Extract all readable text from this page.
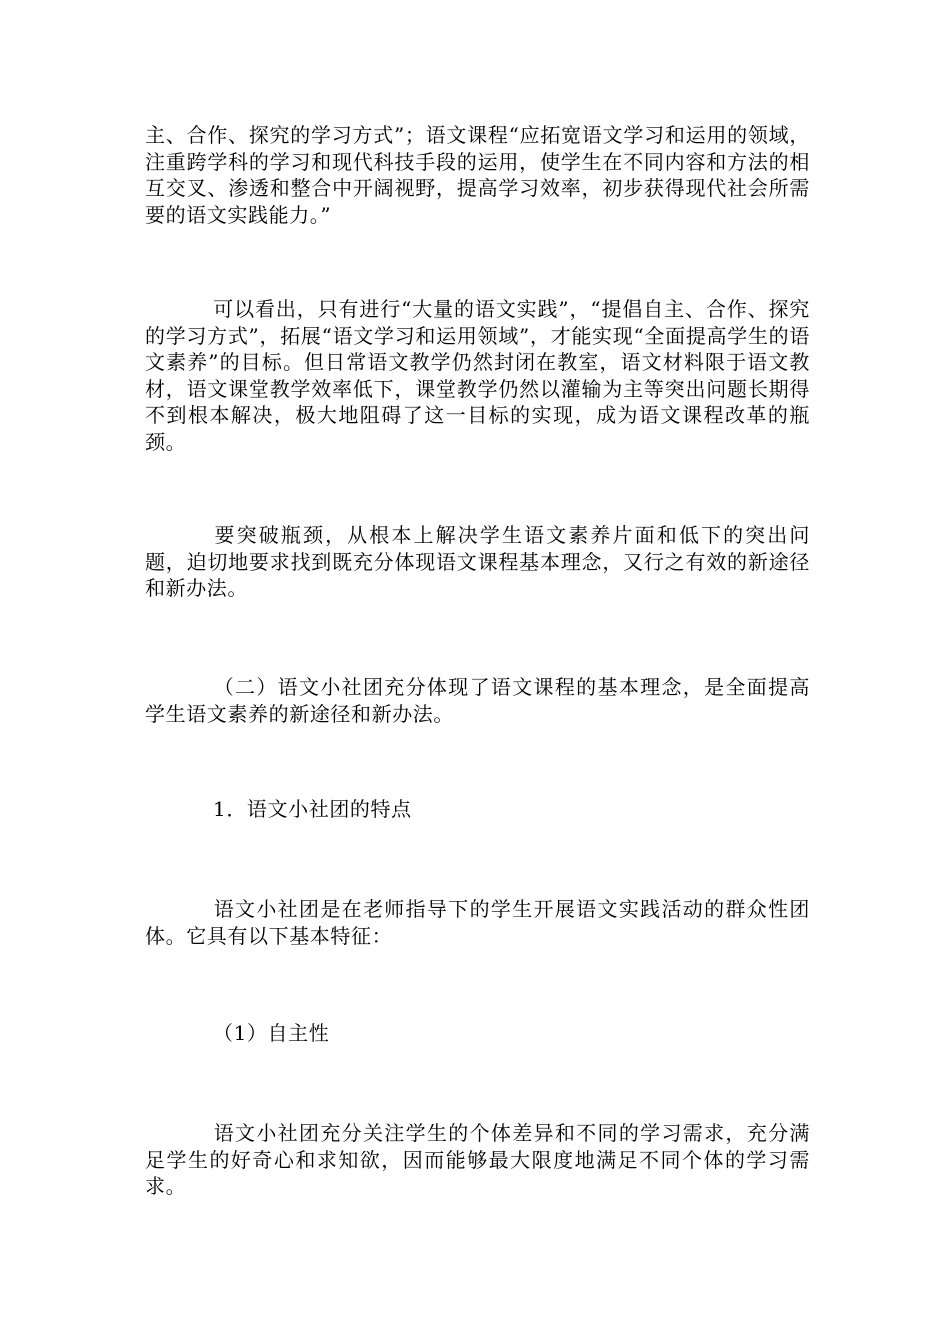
主、合作、探究的学习方式”；语文课程“应拓宽语文学习和运用的领域，注重跨学科的学习和现代科技手段的运用，使学生在不同内容和方法的相互交叉、渗透和整合中开阔视野，提高学习效率，初步获得现代社会所需要的语文实践能力。”

可以看出，只有进行“大量的语文实践”，“提倡自主、合作、探究的学习方式”，拓展“语文学习和运用领域”，才能实现“全面提高学生的语文素养”的目标。但日常语文教学仍然封闭在教室，语文材料限于语文教材，语文课堂教学效率低下，课堂教学仍然以灌输为主等突出问题长期得不到根本解决，极大地阻碍了这一目标的实现，成为语文课程改革的瓶颈。

要突破瓶颈，从根本上解决学生语文素养片面和低下的突出问题，迫切地要求找到既充分体现语文课程基本理念，又行之有效的新途径和新办法。

（二）语文小社团充分体现了语文课程的基本理念，是全面提高学生语文素养的新途径和新办法。

1．语文小社团的特点

语文小社团是在老师指导下的学生开展语文实践活动的群众性团体。它具有以下基本特征：

（1）自主性

语文小社团充分关注学生的个体差异和不同的学习需求，充分满足学生的好奇心和求知欲，因而能够最大限度地满足不同个体的学习需求。
